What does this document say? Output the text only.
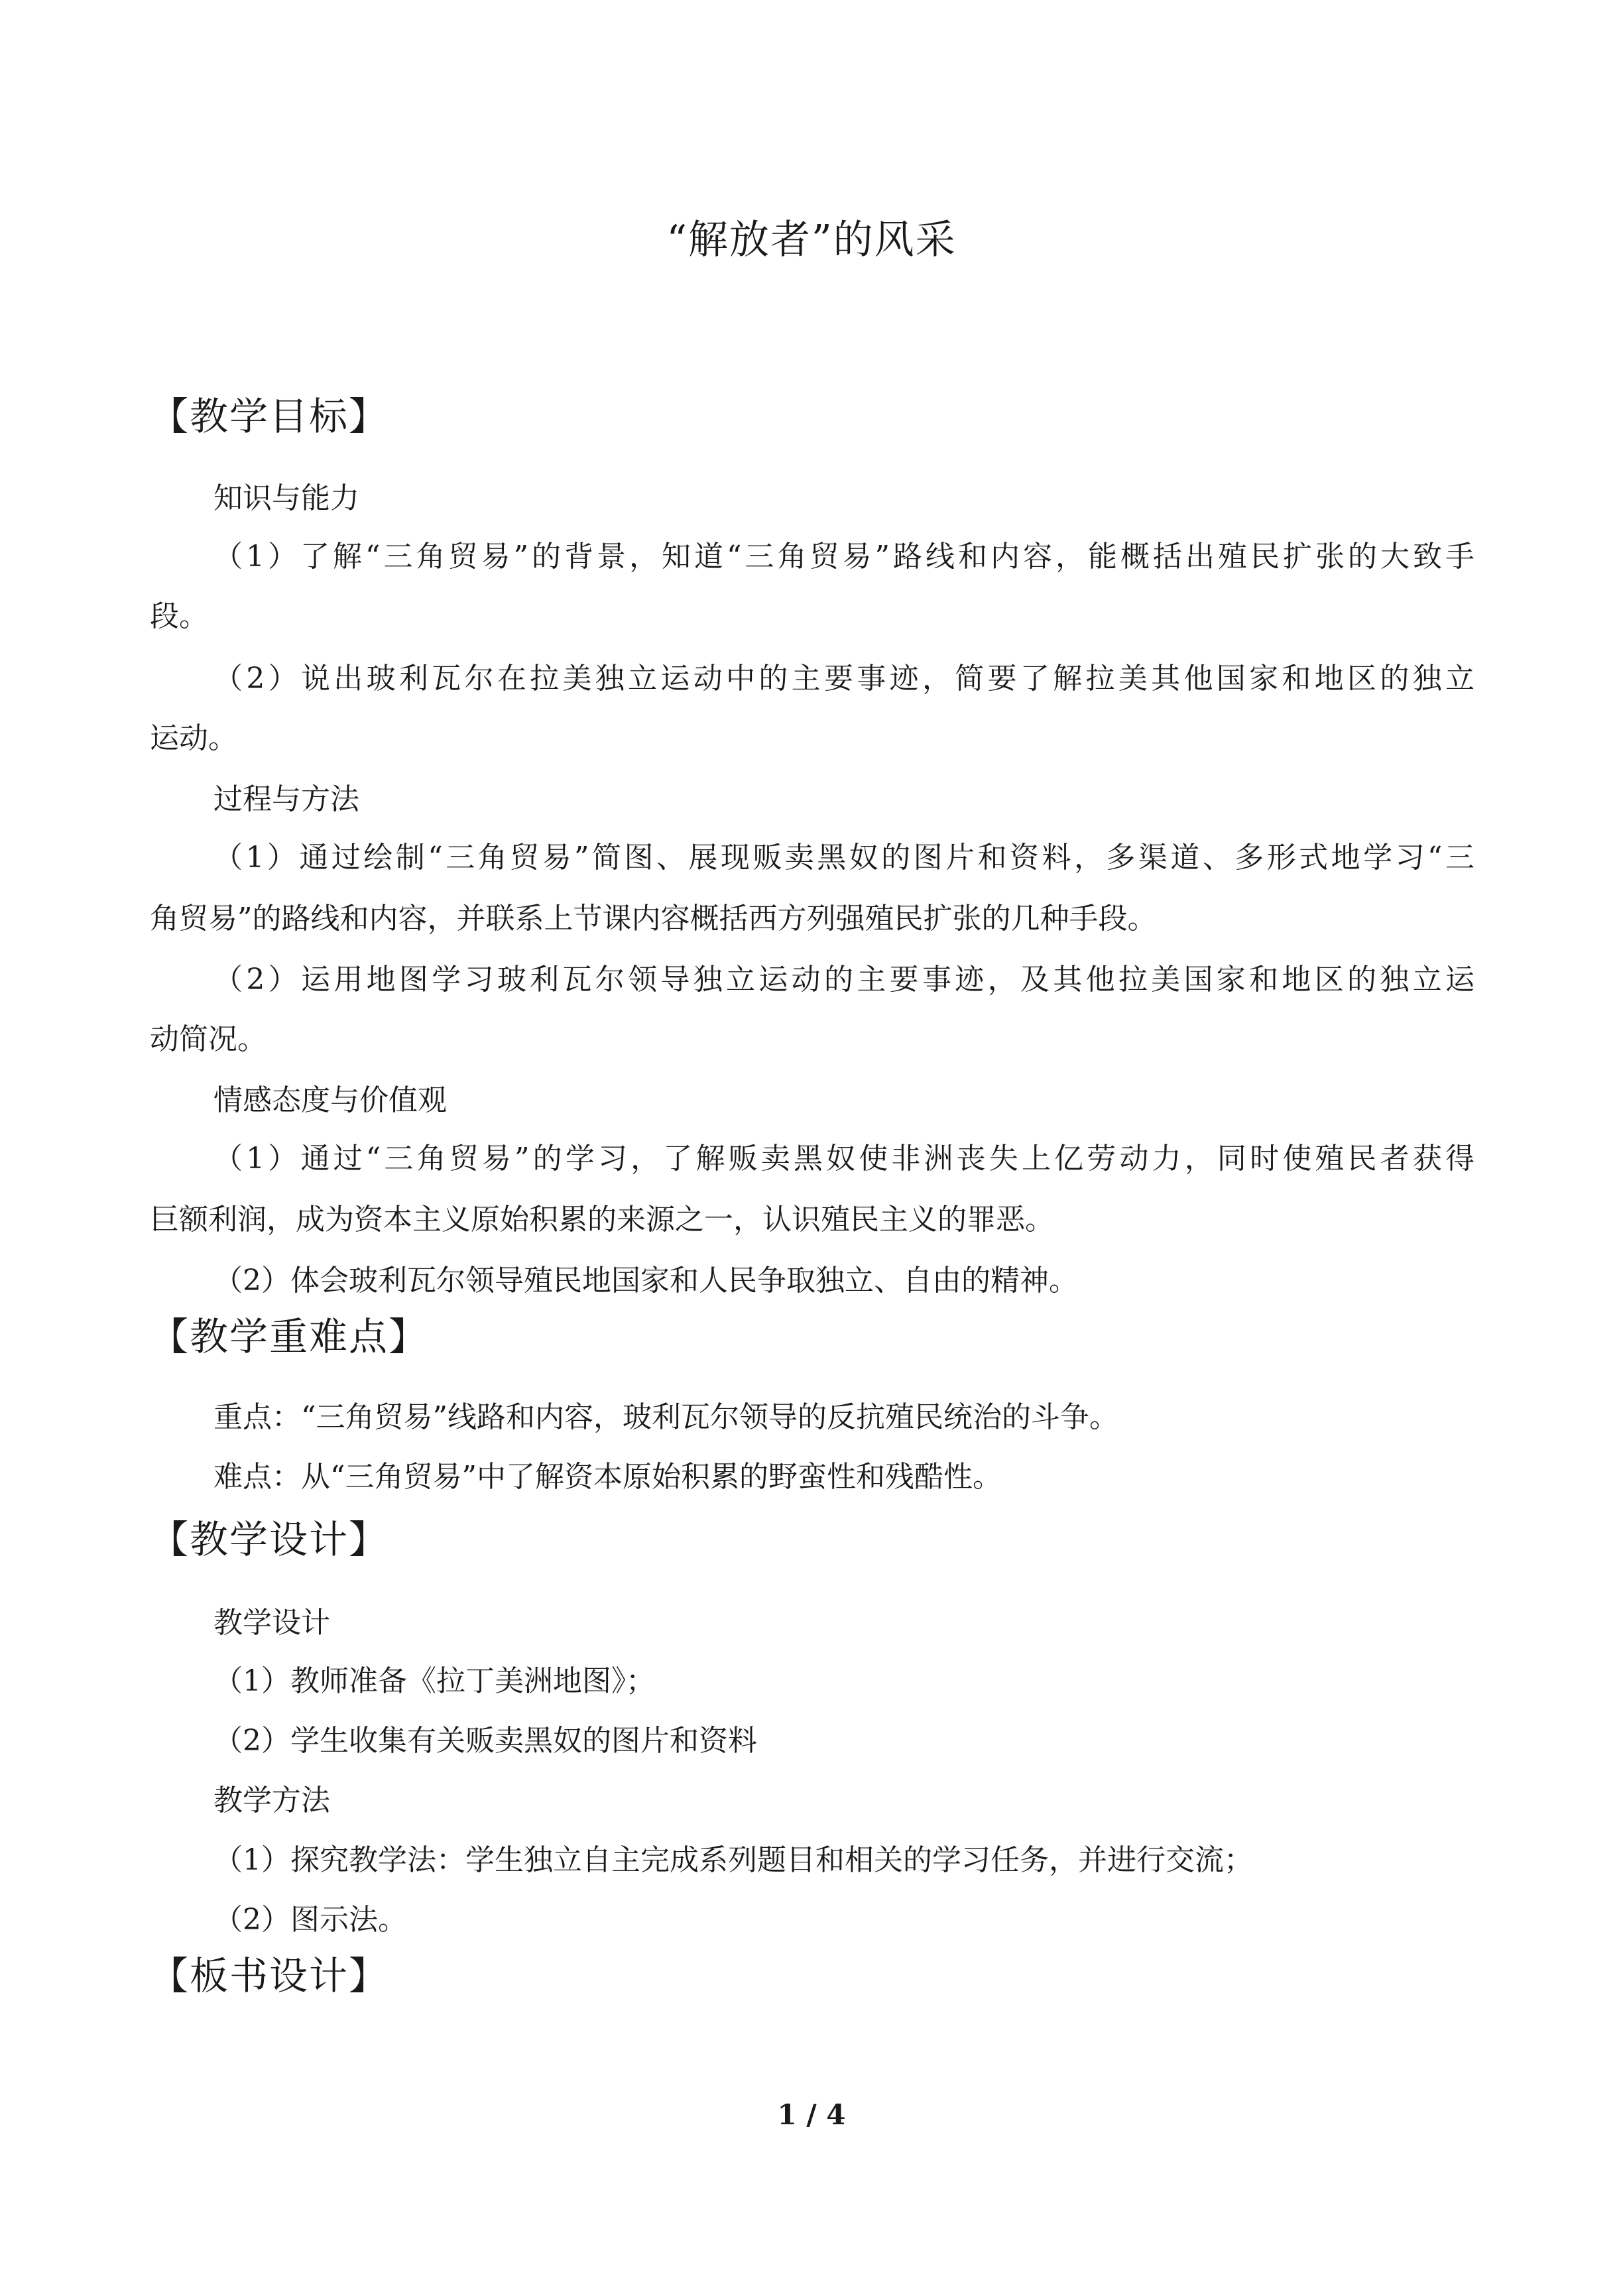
“解放者”的风采
【教学目标】
知识与能力
（1）了解“三角贸易”的背景，知道“三角贸易”路线和内容，能概括出殖民扩张的大致手
段。
（2）说出玻利瓦尔在拉美独立运动中的主要事迹，简要了解拉美其他国家和地区的独立
运动。
过程与方法
（1）通过绘制“三角贸易”简图、展现贩卖黑奴的图片和资料，多渠道、多形式地学习“三
角贸易”的路线和内容，并联系上节课内容概括西方列强殖民扩张的几种手段。
（2）运用地图学习玻利瓦尔领导独立运动的主要事迹，及其他拉美国家和地区的独立运
动简况。
情感态度与价值观
（1）通过“三角贸易”的学习，了解贩卖黑奴使非洲丧失上亿劳动力，同时使殖民者获得
巨额利润，成为资本主义原始积累的来源之一，认识殖民主义的罪恶。
（2）体会玻利瓦尔领导殖民地国家和人民争取独立、自由的精神。
【教学重难点】
重点：“三角贸易”线路和内容，玻利瓦尔领导的反抗殖民统治的斗争。
难点：从“三角贸易”中了解资本原始积累的野蛮性和残酷性。
【教学设计】
教学设计
（1）教师准备《拉丁美洲地图》；
（2）学生收集有关贩卖黑奴的图片和资料
教学方法
（1）探究教学法：学生独立自主完成系列题目和相关的学习任务，并进行交流；
（2）图示法。
【板书设计】
1 / 4
